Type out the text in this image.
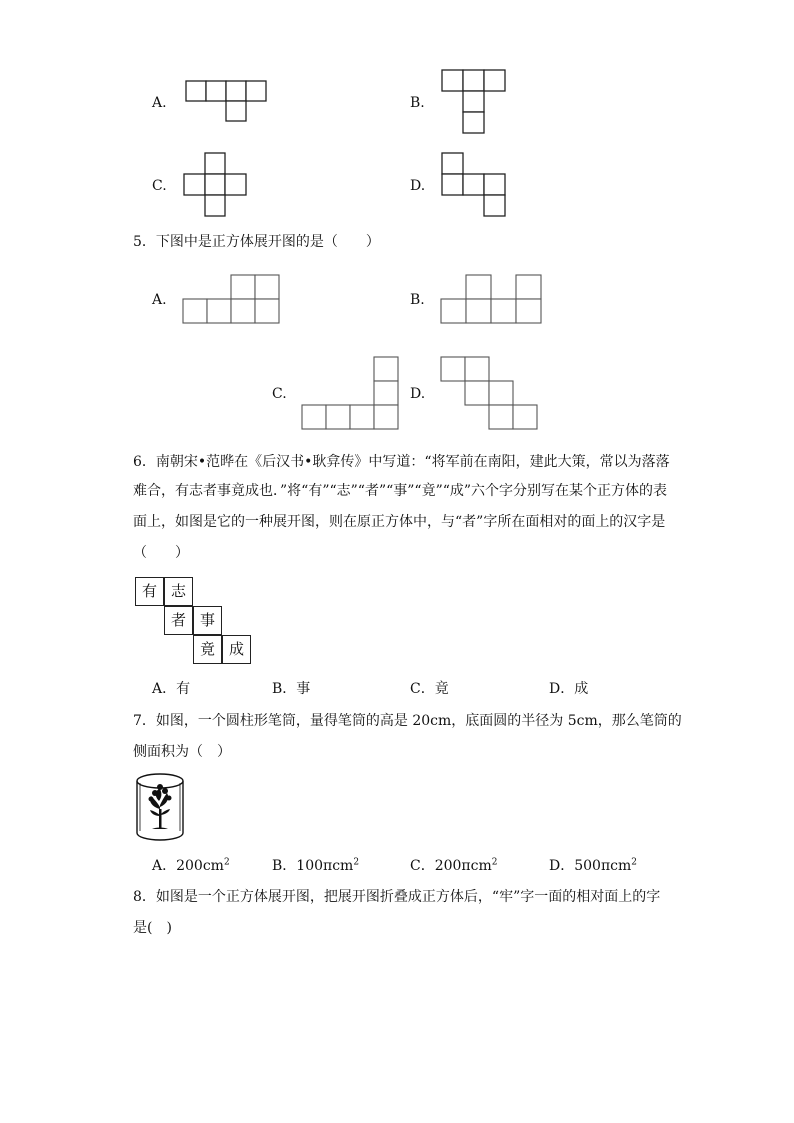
A.	B.
C.	D.
5．下图中是正方体展开图的是（　　）
A.	B.
C.	D.
6．南朝宋•范晔在《后汉书•耿弇传》中写道：“将军前在南阳，建此大策，常以为落落
难合，有志者事竟成也．”将“有”“志”“者”“事”“竟”“成”六个字分别写在某个正方体的表
面上，如图是它的一种展开图，则在原正方体中，与“者”字所在面相对的面上的汉字是
（　　）
有 志
者 事
竟 成
A．有	B．事	C．竟	D．成
7．如图，一个圆柱形笔筒，量得笔筒的高是 20cm，底面圆的半径为 5cm，那么笔筒的
侧面积为（　）
A．$200cm^2$	B．100πcm$^2$	C．200πcm$^2$	D．500πcm$^2$
8．如图是一个正方体展开图，把展开图折叠成正方体后，“牢”字一面的相对面上的字
是(　)
